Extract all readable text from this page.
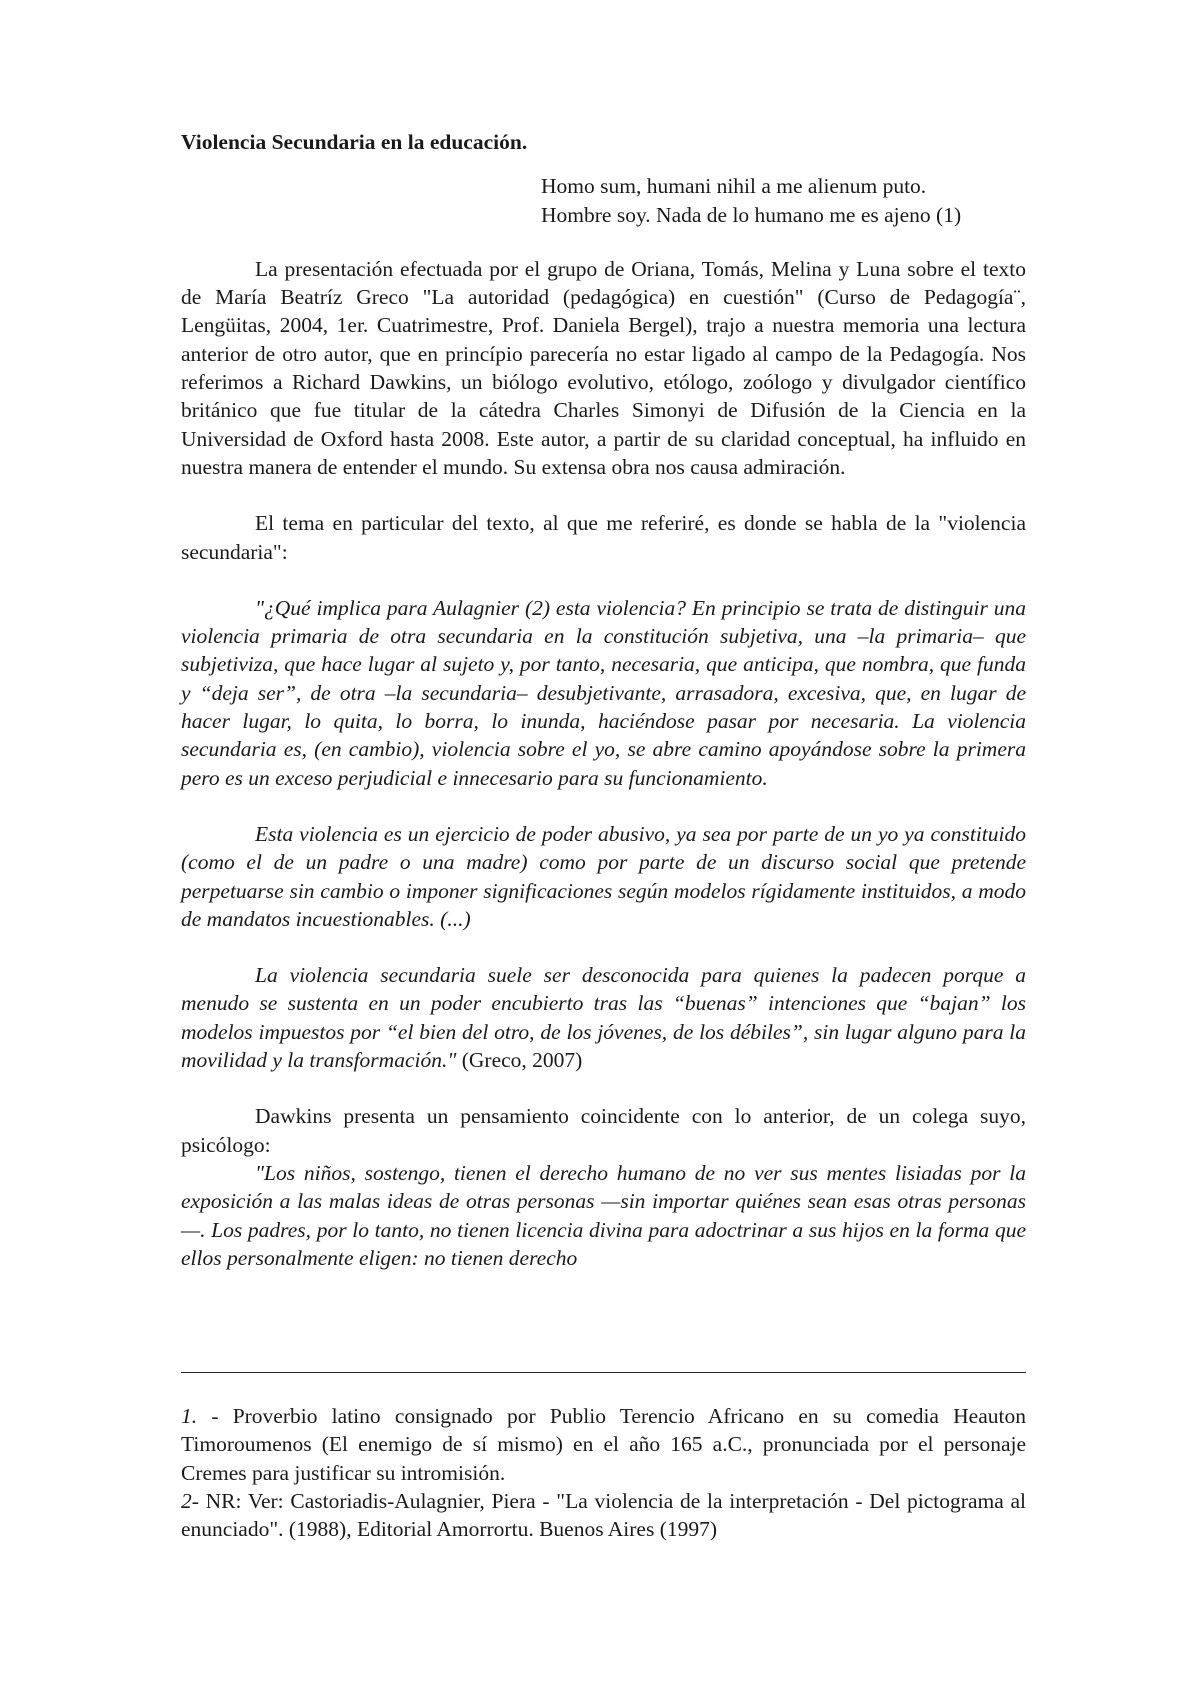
Violencia Secundaria en la educación.
Homo sum, humani nihil a me alienum puto.
Hombre soy. Nada de lo humano me es ajeno (1)

La presentación efectuada por el grupo de Oriana, Tomás, Melina y Luna sobre el texto de María Beatríz Greco "La autoridad (pedagógica) en cuestión" (Curso de Pedagogía¨, Lengüitas, 2004, 1er. Cuatrimestre, Prof. Daniela Bergel), trajo a nuestra memoria una lectura anterior de otro autor, que en princípio parecería no estar ligado al campo de la Pedagogía. Nos referimos a Richard Dawkins, un biólogo evolutivo, etólogo, zoólogo y divulgador científico británico que fue titular de la cátedra Charles Simonyi de Difusión de la Ciencia en la Universidad de Oxford hasta 2008. Este autor, a partir de su claridad conceptual, ha influido en nuestra manera de entender el mundo. Su extensa obra nos causa admiración.

El tema en particular del texto, al que me referiré, es donde se habla de la "violencia secundaria":

"¿Qué implica para Aulagnier (2) esta violencia? En principio se trata de distinguir una violencia primaria de otra secundaria en la constitución subjetiva, una –la primaria– que subjetiviza, que hace lugar al sujeto y, por tanto, necesaria, que anticipa, que nombra, que funda y “deja ser”, de otra –la secundaria– desubjetivante, arrasadora, excesiva, que, en lugar de hacer lugar, lo quita, lo borra, lo inunda, haciéndose pasar por necesaria. La violencia secundaria es, (en cambio), violencia sobre el yo, se abre camino apoyándose sobre la primera pero es un exceso perjudicial e innecesario para su funcionamiento.

Esta violencia es un ejercicio de poder abusivo, ya sea por parte de un yo ya constituido (como el de un padre o una madre) como por parte de un discurso social que pretende perpetuarse sin cambio o imponer significaciones según modelos rígidamente instituidos, a modo de mandatos incuestionables. (...)

La violencia secundaria suele ser desconocida para quienes la padecen porque a menudo se sustenta en un poder encubierto tras las “buenas” intenciones que “bajan” los modelos impuestos por “el bien del otro, de los jóvenes, de los débiles”, sin lugar alguno para la movilidad y la transformación." (Greco, 2007)

Dawkins presenta un pensamiento coincidente con lo anterior, de un colega suyo, psicólogo:

"Los niños, sostengo, tienen el derecho humano de no ver sus mentes lisiadas por la exposición a las malas ideas de otras personas —sin importar quiénes sean esas otras personas—. Los padres, por lo tanto, no tienen licencia divina para adoctrinar a sus hijos en la forma que ellos personalmente eligen: no tienen derecho

1. - Proverbio latino consignado por Publio Terencio Africano en su comedia Heauton Timoroumenos (El enemigo de sí mismo) en el año 165 a.C., pronunciada por el personaje Cremes para justificar su intromisión.

2- NR: Ver: Castoriadis-Aulagnier, Piera - "La violencia de la interpretación - Del pictograma al enunciado". (1988), Editorial Amorrortu. Buenos Aires (1997)
